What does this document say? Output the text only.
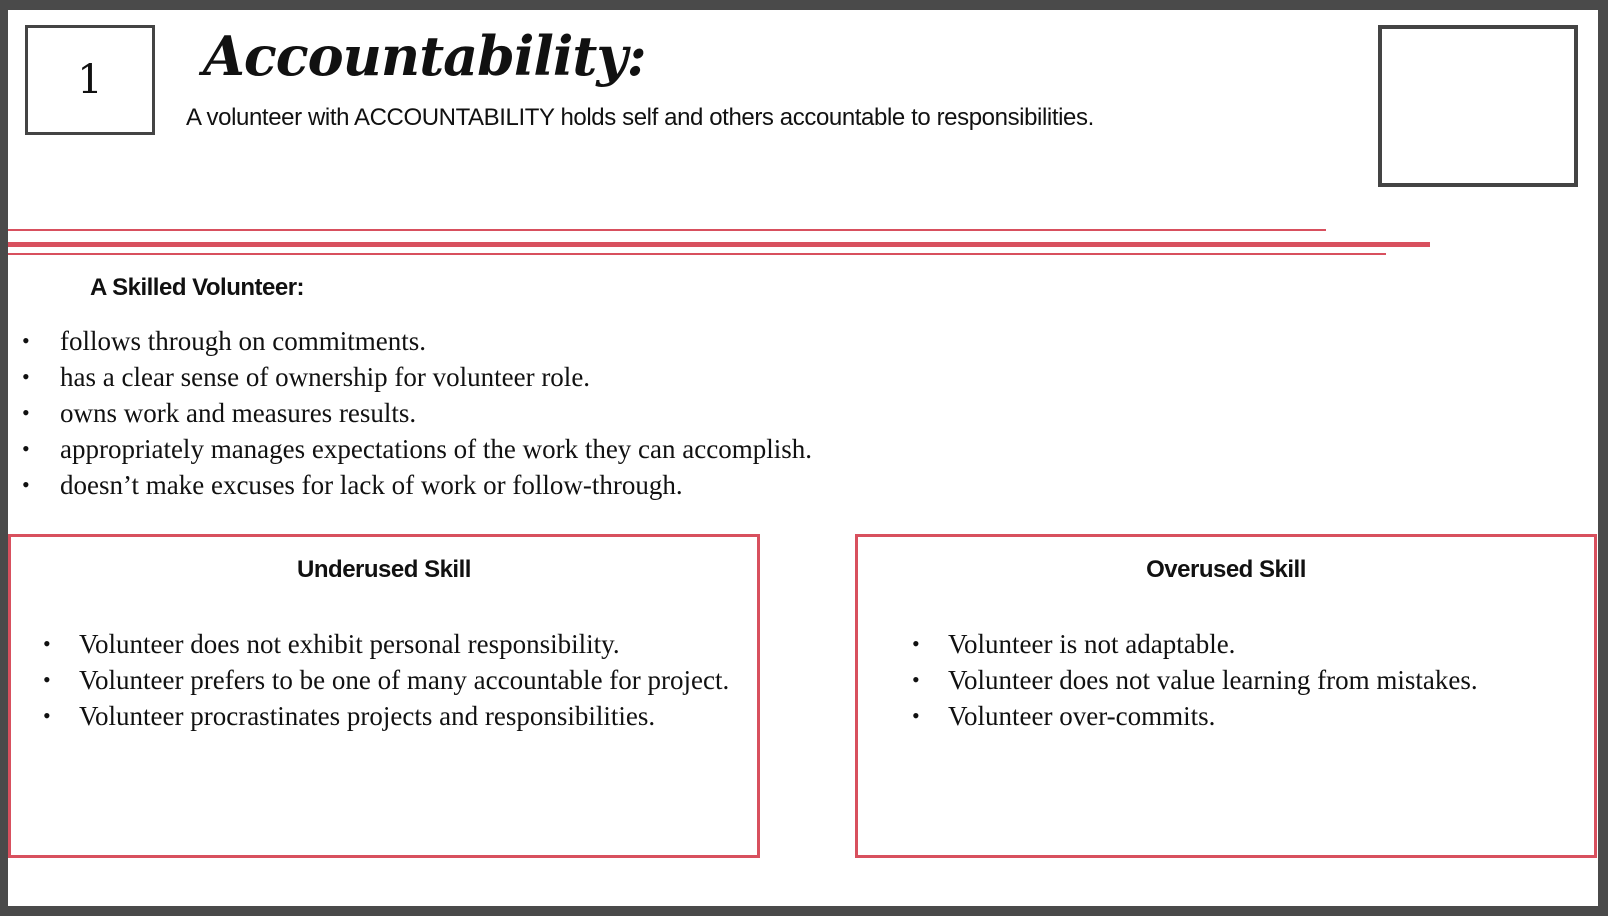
1 Accountability:
A volunteer with ACCOUNTABILITY holds self and others accountable to responsibilities.
A Skilled Volunteer:
• follows through on commitments.
• has a clear sense of ownership for volunteer role.
• owns work and measures results.
• appropriately manages expectations of the work they can accomplish.
• doesn’t make excuses for lack of work or follow-through.
Underused Skill
• Volunteer does not exhibit personal responsibility.
• Volunteer prefers to be one of many accountable for project.
• Volunteer procrastinates projects and responsibilities.
Overused Skill
• Volunteer is not adaptable.
• Volunteer does not value learning from mistakes.
• Volunteer over-commits.
